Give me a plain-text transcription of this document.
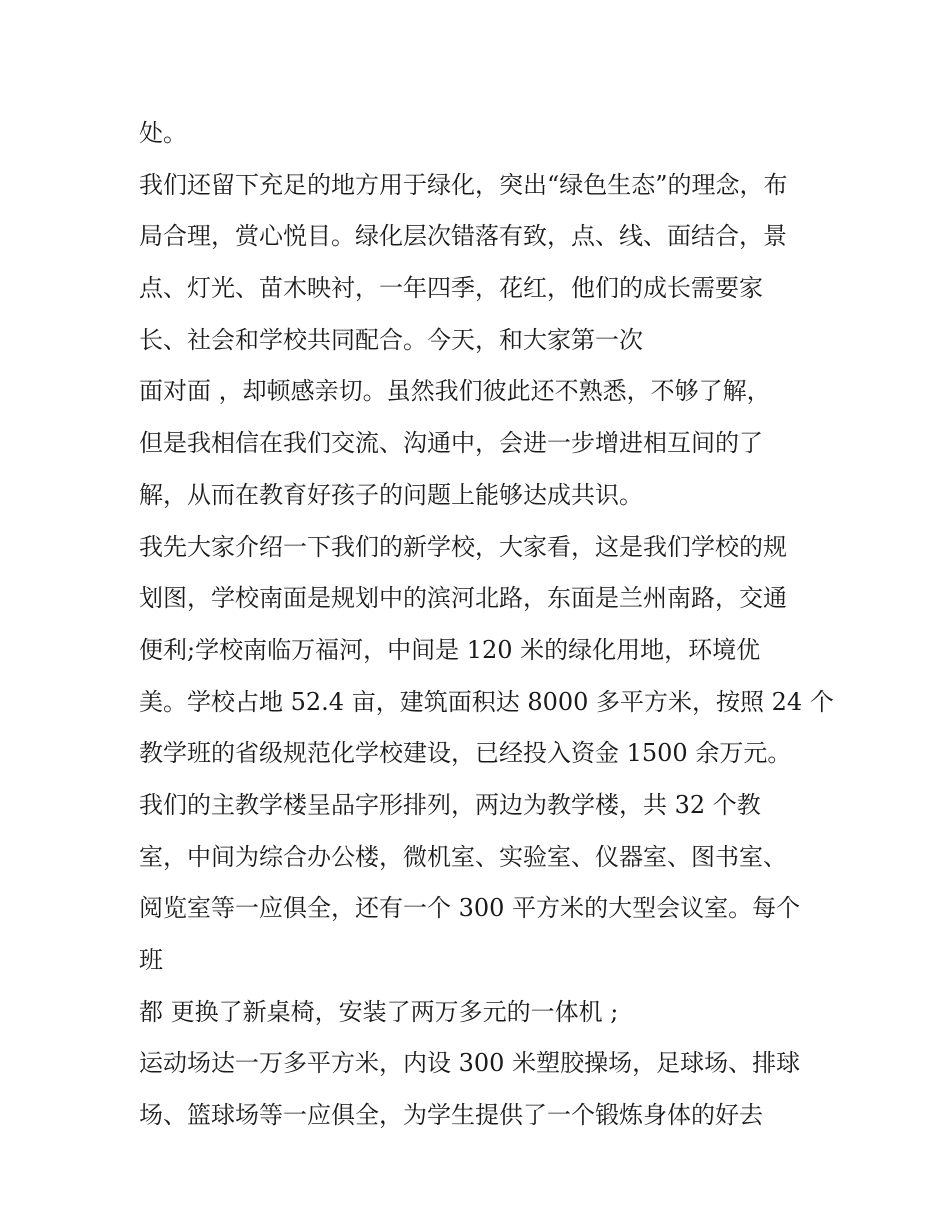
处。
我们还留下充足的地方用于绿化，突出“绿色生态”的理念，布
局合理，赏心悦目。绿化层次错落有致，点、线、面结合，景
点、灯光、苗木映衬，一年四季，花红，他们的成长需要家
长、社会和学校共同配合。今天，和大家第一次
面对面 ，却顿感亲切。虽然我们彼此还不熟悉，不够了解，
但是我相信在我们交流、沟通中，会进一步增进相互间的了
解，从而在教育好孩子的问题上能够达成共识。
我先大家介绍一下我们的新学校，大家看，这是我们学校的规
划图，学校南面是规划中的滨河北路，东面是兰州南路，交通
便利;学校南临万福河，中间是 120 米的绿化用地，环境优
美。学校占地 52.4 亩，建筑面积达 8000 多平方米，按照 24 个
教学班的省级规范化学校建设，已经投入资金 1500 余万元。
我们的主教学楼呈品字形排列，两边为教学楼，共 32 个教
室，中间为综合办公楼，微机室、实验室、仪器室、图书室、
阅览室等一应俱全，还有一个 300 平方米的大型会议室。每个
班
都 更换了新桌椅，安装了两万多元的一体机 ;
运动场达一万多平方米，内设 300 米塑胶操场，足球场、排球
场、篮球场等一应俱全，为学生提供了一个锻炼身体的好去
